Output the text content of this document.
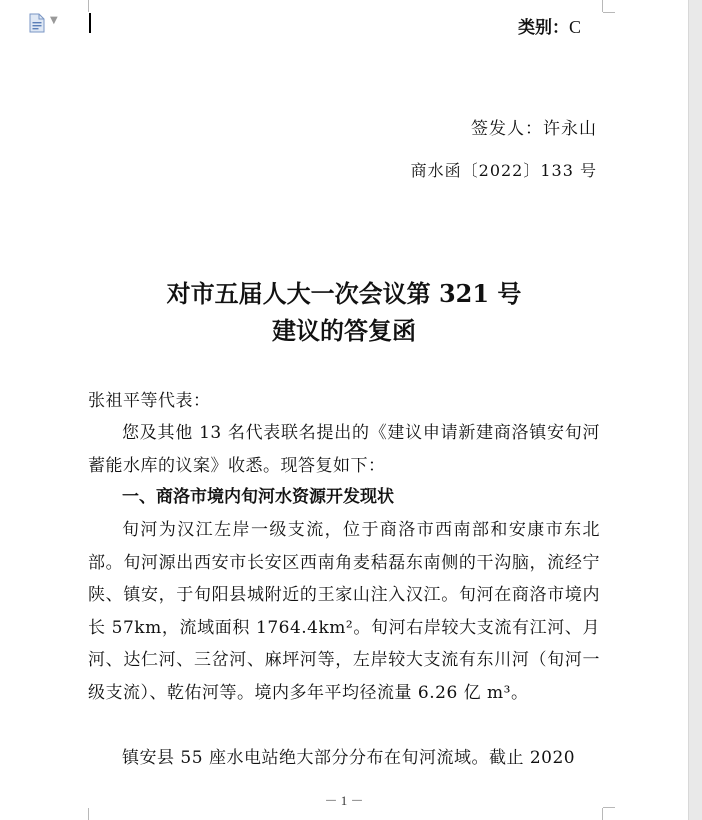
▼	类别：C
签发人：许永山
商水函〔2022〕133 号
对市五届人大一次会议第 321 号
建议的答复函
张祖平等代表：
您及其他 13 名代表联名提出的《建议申请新建商洛镇安旬河蓄能水库的议案》收悉。现答复如下：
一、商洛市境内旬河水资源开发现状
旬河为汉江左岸一级支流，位于商洛市西南部和安康市东北部。旬河源出西安市长安区西南角麦秸磊东南侧的干沟脑，流经宁陕、镇安，于旬阳县城附近的王家山注入汉江。旬河在商洛市境内长 57km，流域面积 1764.4km²。旬河右岸较大支流有江河、月河、达仁河、三岔河、麻坪河等，左岸较大支流有东川河（旬河一级支流）、乾佑河等。境内多年平均径流量 6.26 亿 m³。
镇安县 55 座水电站绝大部分分布在旬河流域。截止 2020
－ 1 －
